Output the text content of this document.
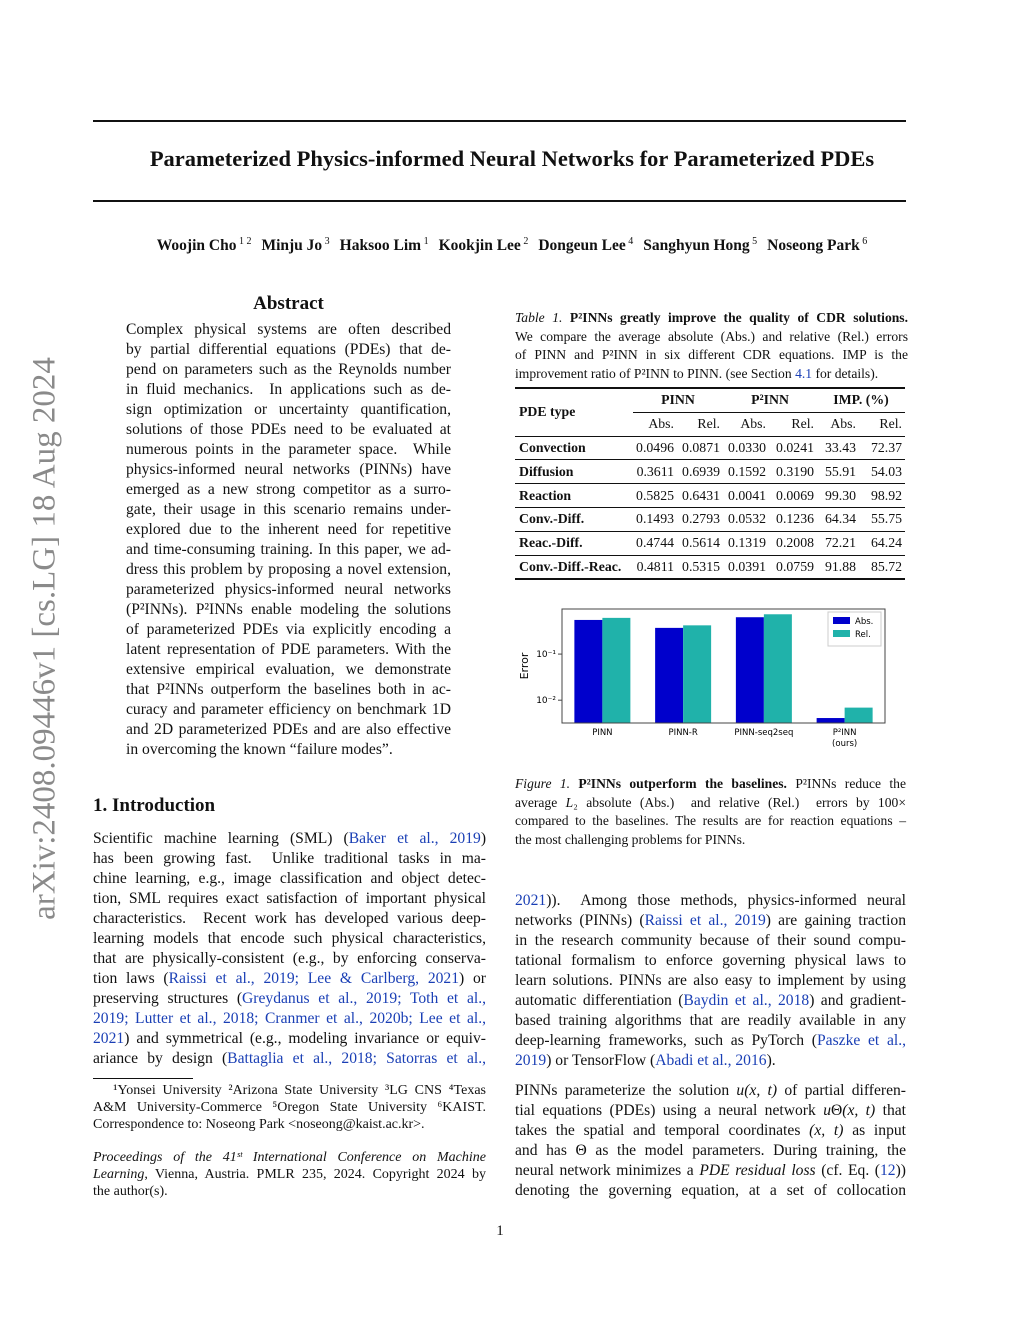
arXiv:2408.09446v1 [cs.LG] 18 Aug 2024
Parameterized Physics-informed Neural Networks for Parameterized PDEs
Woojin Cho $^{1 2}$ Minju Jo $^3$ Haksoo Lim $^1$ Kookjin Lee $^2$ Dongeun Lee $^4$ Sanghyun Hong $^5$ Noseong Park $^6$
Abstract
Complex physical systems are often described
by partial differential equations (PDEs) that de-
pend on parameters such as the Reynolds number
in fluid mechanics.  In applications such as de-
sign optimization or uncertainty quantification,
solutions of those PDEs need to be evaluated at
numerous points in the parameter space.  While
physics-informed neural networks (PINNs) have
emerged as a new strong competitor as a surro-
gate, their usage in this scenario remains under-
explored due to the inherent need for repetitive
and time-consuming training. In this paper, we ad-
dress this problem by proposing a novel extension,
parameterized physics-informed neural networks
(P²INNs). P²INNs enable modeling the solutions
of parameterized PDEs via explicitly encoding a
latent representation of PDE parameters. With the
extensive empirical evaluation, we demonstrate
that P²INNs outperform the baselines both in ac-
curacy and parameter efficiency on benchmark 1D
and 2D parameterized PDEs and are also effective
in overcoming the known “failure modes”.
1. Introduction
Scientific machine learning (SML) (Baker et al., 2019)
has been growing fast.  Unlike traditional tasks in ma-
chine learning, e.g., image classification and object detec-
tion, SML requires exact satisfaction of important physical
characteristics.  Recent work has developed various deep-
learning models that encode such physical characteristics,
that are physically-consistent (e.g., by enforcing conserva-
tion laws (Raissi et al., 2019; Lee & Carlberg, 2021) or
preserving structures (Greydanus et al., 2019; Toth et al.,
2019; Lutter et al., 2018; Cranmer et al., 2020b; Lee et al.,
2021) and symmetrical (e.g., modeling invariance or equiv-
ariance by design (Battaglia et al., 2018; Satorras et al.,
¹Yonsei University ²Arizona State University ³LG CNS ⁴Texas
A&M University-Commerce ⁵Oregon State University ⁶KAIST.
Correspondence to: Noseong Park <noseong@kaist.ac.kr>.
Proceedings of the 41ˢᵗ International Conference on Machine
Learning, Vienna, Austria. PMLR 235, 2024. Copyright 2024 by
the author(s).
Table 1. P²INNs greatly improve the quality of CDR solutions.
We compare the average absolute (Abs.) and relative (Rel.) errors
of PINN and P²INN in six different CDR equations. IMP is the
improvement ratio of P²INN to PINN. (see Section 4.1 for details).
PDE type	PINN		P²INN		IMP. (%)	
	Abs.	Rel.	Abs.	Rel.	Abs.	Rel.
Convection	0.0496	0.0871	0.0330	0.0241	33.43	72.37
Diffusion	0.3611	0.6939	0.1592	0.3190	55.91	54.03
Reaction	0.5825	0.6431	0.0041	0.0069	99.30	98.92
Conv.-Diff.	0.1493	0.2793	0.0532	0.1236	64.34	55.75
Reac.-Diff.	0.4744	0.5614	0.1319	0.2008	72.21	64.24
Conv.-Diff.-Reac.	0.4811	0.5315	0.0391	0.0759	91.88	85.72
10⁻¹
10⁻²
Error
PINN	PINN-R	PINN-seq2seq	P²INN
(ours)
Abs.
Rel.
Figure 1. P²INNs outperform the baselines. P²INNs reduce the
average L₂ absolute (Abs.)  and relative (Rel.)  errors by 100×
compared to the baselines. The results are for reaction equations –
the most challenging problems for PINNs.
2021)).  Among those methods, physics-informed neural
networks (PINNs) (Raissi et al., 2019) are gaining traction
in the research community because of their sound compu-
tational formalism to enforce governing physical laws to
learn solutions. PINNs are also easy to implement by using
automatic differentiation (Baydin et al., 2018) and gradient-
based training algorithms that are readily available in any
deep-learning frameworks, such as PyTorch (Paszke et al.,
2019) or TensorFlow (Abadi et al., 2016).
PINNs parameterize the solution u(x, t) of partial differen-
tial equations (PDEs) using a neural network uΘ(x, t) that
takes the spatial and temporal coordinates (x, t) as input
and has Θ as the model parameters. During training, the
neural network minimizes a PDE residual loss (cf. Eq. (12))
denoting the governing equation, at a set of collocation
1
